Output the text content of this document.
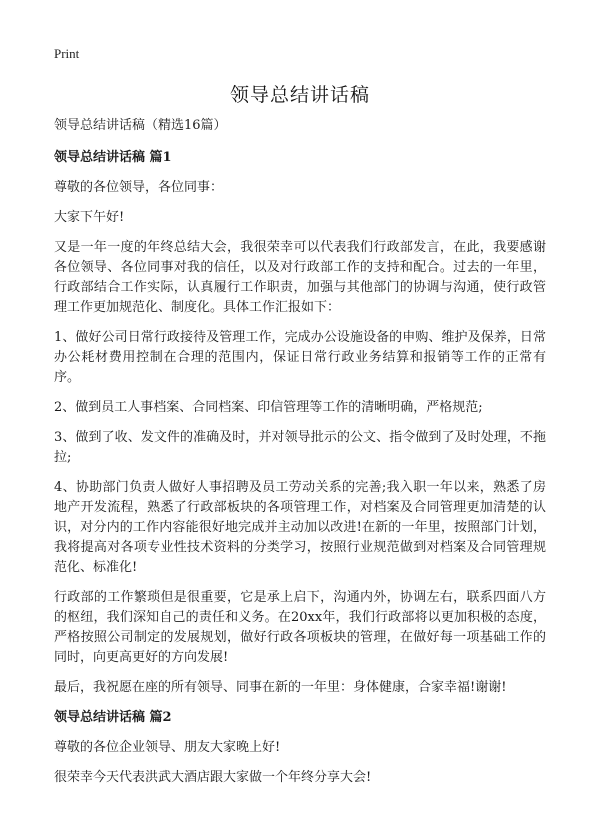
Print
领导总结讲话稿

领导总结讲话稿（精选16篇）

领导总结讲话稿 篇1

尊敬的各位领导，各位同事：

大家下午好!

又是一年一度的年终总结大会，我很荣幸可以代表我们行政部发言，在此，我要感谢各位领导、各位同事对我的信任，以及对行政部工作的支持和配合。过去的一年里，行政部结合工作实际，认真履行工作职责，加强与其他部门的协调与沟通，使行政管理工作更加规范化、制度化。具体工作汇报如下：

1、做好公司日常行政接待及管理工作，完成办公设施设备的申购、维护及保养，日常办公耗材费用控制在合理的范围内，保证日常行政业务结算和报销等工作的正常有序。

2、做到员工人事档案、合同档案、印信管理等工作的清晰明确，严格规范;

3、做到了收、发文件的准确及时，并对领导批示的公文、指令做到了及时处理，不拖拉;

4、协助部门负责人做好人事招聘及员工劳动关系的完善;我入职一年以来，熟悉了房地产开发流程，熟悉了行政部板块的各项管理工作，对档案及合同管理更加清楚的认识，对分内的工作内容能很好地完成并主动加以改进!在新的一年里，按照部门计划，我将提高对各项专业性技术资料的分类学习，按照行业规范做到对档案及合同管理规范化、标准化!

行政部的工作繁琐但是很重要，它是承上启下，沟通内外，协调左右，联系四面八方的枢纽，我们深知自己的责任和义务。在20xx年，我们行政部将以更加积极的态度，严格按照公司制定的发展规划，做好行政各项板块的管理，在做好每一项基础工作的同时，向更高更好的方向发展!

最后，我祝愿在座的所有领导、同事在新的一年里：身体健康，合家幸福!谢谢!

领导总结讲话稿 篇2

尊敬的各位企业领导、朋友大家晚上好!

很荣幸今天代表洪武大酒店跟大家做一个年终分享大会!
